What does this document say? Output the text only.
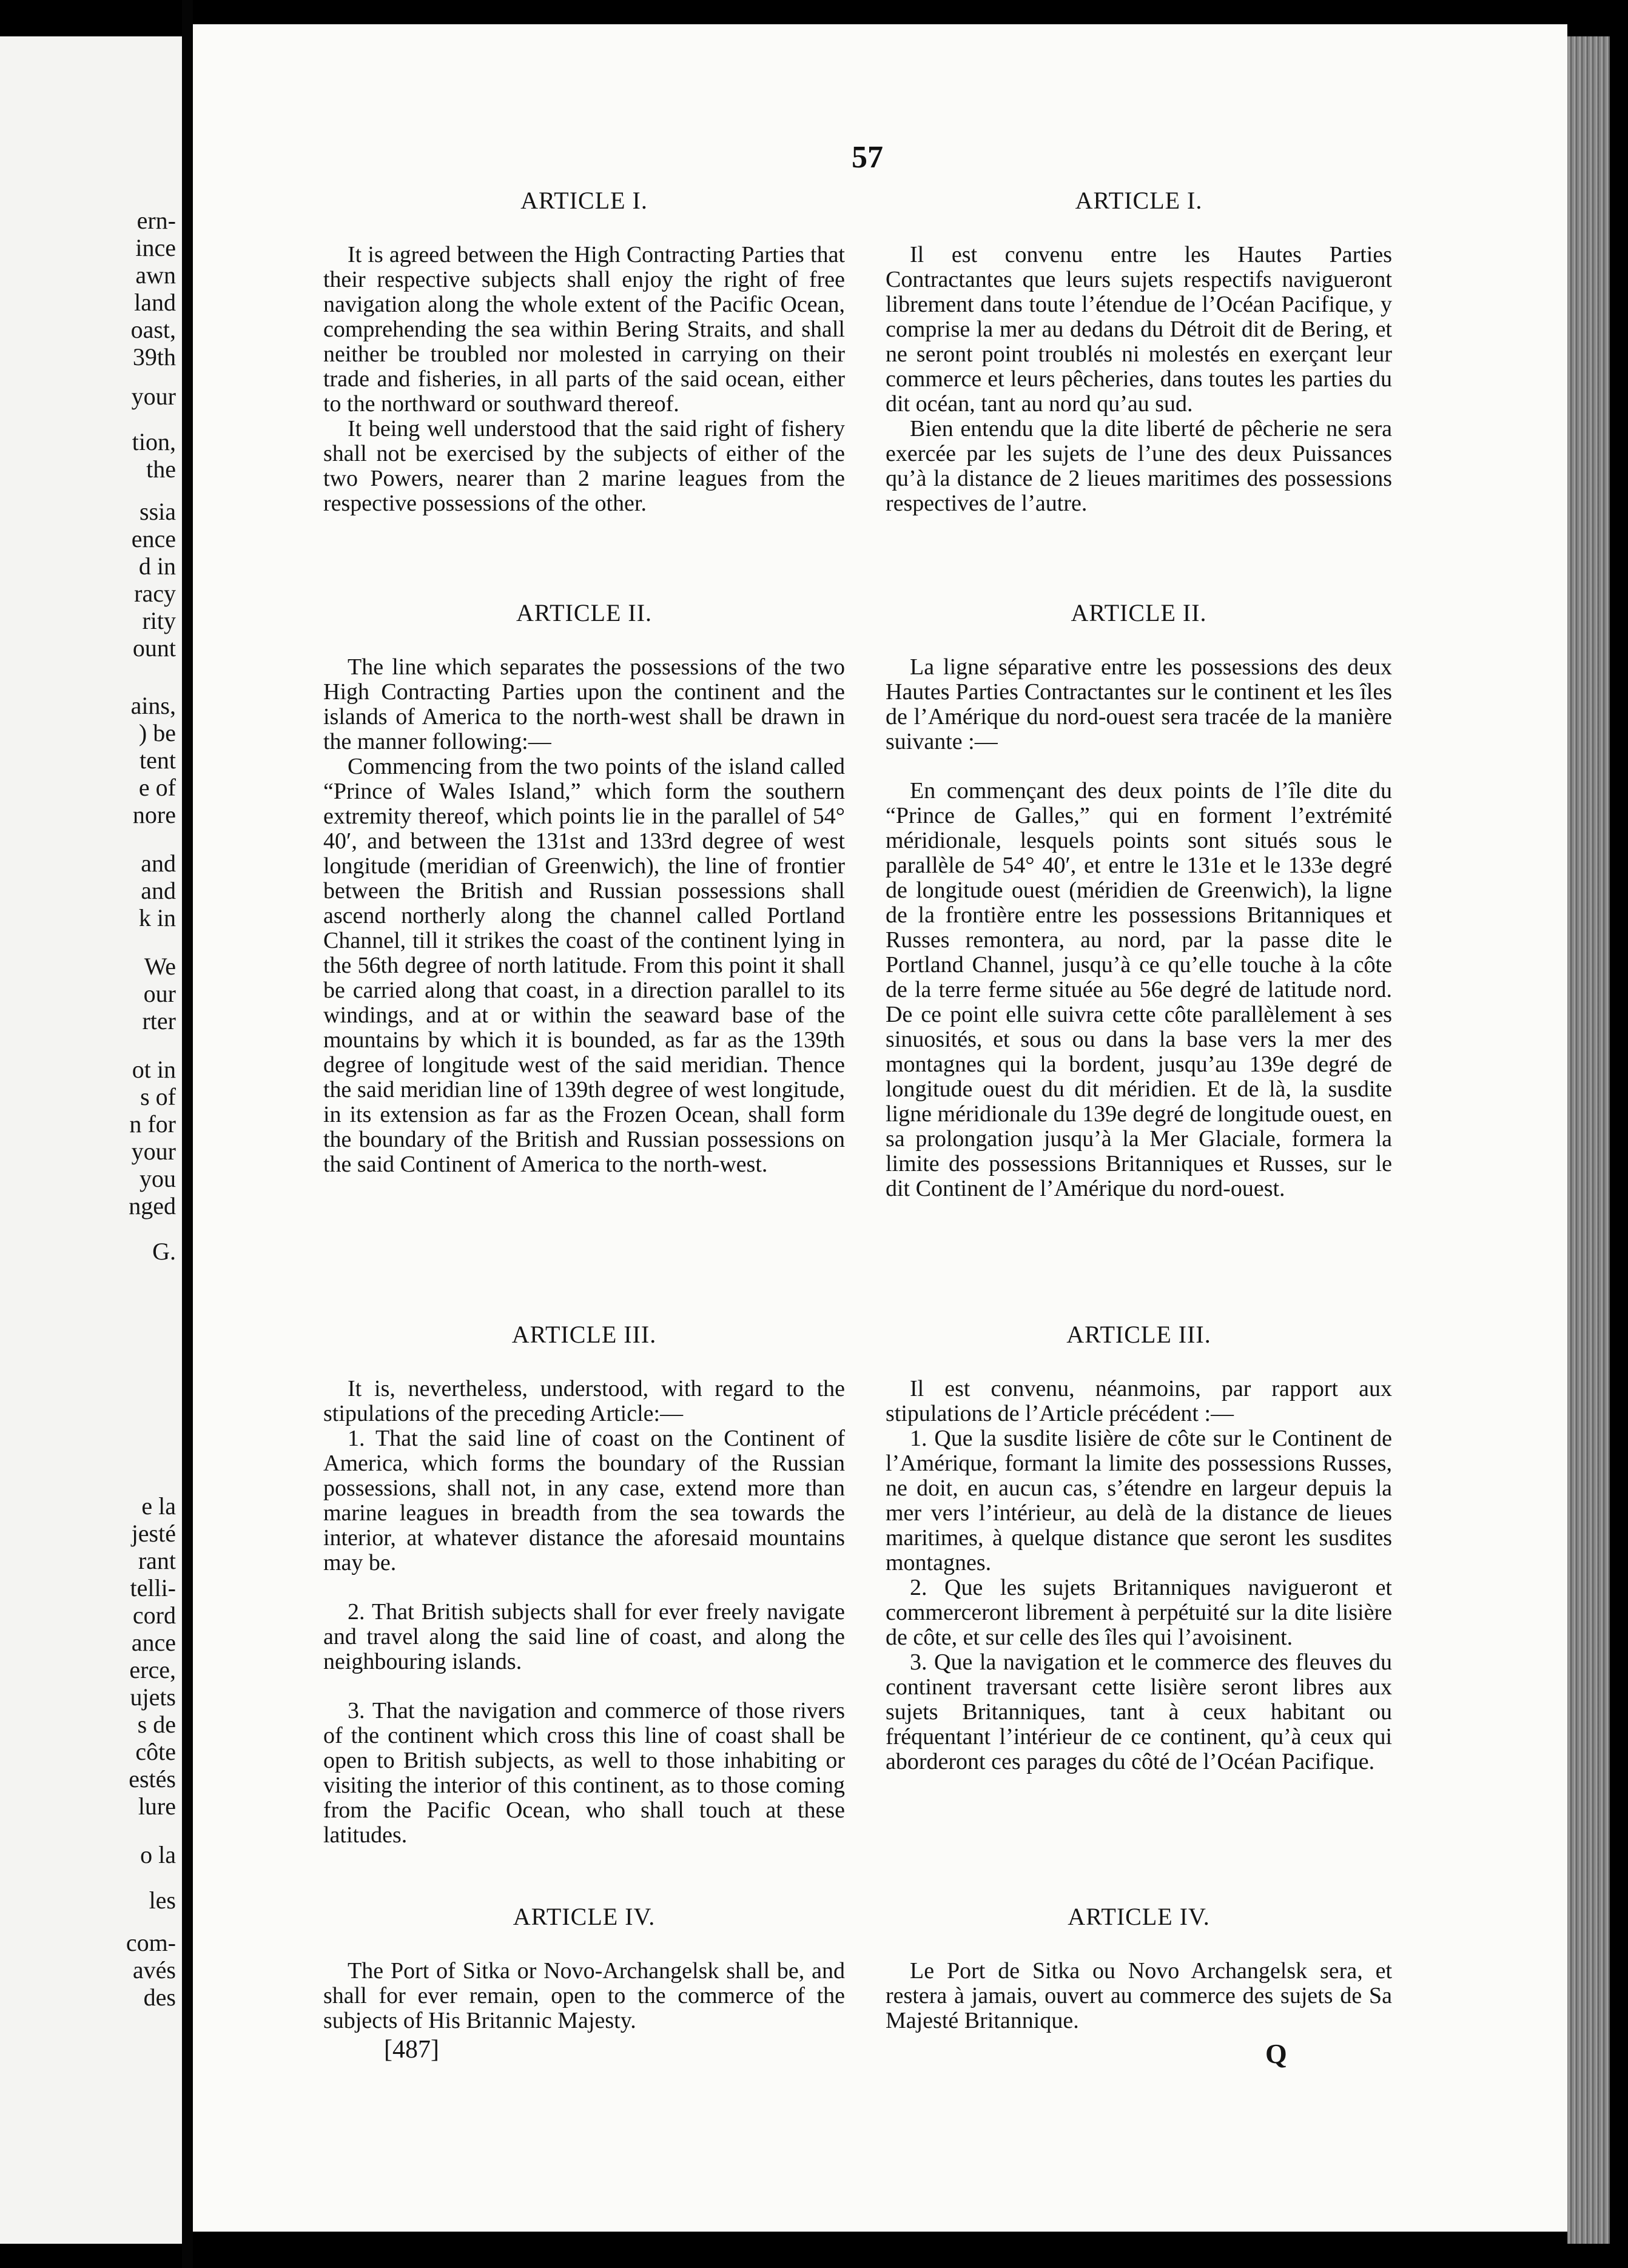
ern-
ince
awn
land
oast,
39th
your
tion,
the
ssia
ence
d in
racy
rity
ount
ains,
) be
tent
e of
nore
and
and
k in
We
our
rter
ot in
s of
n for
your
you
nged
G.
e la
jesté
rant
telli-
cord
ance
erce,
ujets
s de
côte
estés
lure
o la
les
com-
avés
des
57
ARTICLE I.

It is agreed between the High Contracting Parties that their respective subjects shall enjoy the right of free navigation along the whole extent of the Pacific Ocean, comprehending the sea within Bering Straits, and shall neither be troubled nor molested in carrying on their trade and fisheries, in all parts of the said ocean, either to the northward or southward thereof.

It being well understood that the said right of fishery shall not be exercised by the subjects of either of the two Powers, nearer than 2 marine leagues from the respective possessions of the other.

ARTICLE II.

The line which separates the possessions of the two High Contracting Parties upon the continent and the islands of America to the north-west shall be drawn in the manner following:—

Commencing from the two points of the island called “Prince of Wales Island,” which form the southern extremity thereof, which points lie in the parallel of 54° 40′, and between the 131st and 133rd degree of west longitude (meridian of Greenwich), the line of frontier between the British and Russian possessions shall ascend northerly along the channel called Portland Channel, till it strikes the coast of the continent lying in the 56th degree of north latitude. From this point it shall be carried along that coast, in a direction parallel to its windings, and at or within the seaward base of the mountains by which it is bounded, as far as the 139th degree of longitude west of the said meridian. Thence the said meridian line of 139th degree of west longitude, in its extension as far as the Frozen Ocean, shall form the boundary of the British and Russian possessions on the said Continent of America to the north-west.

ARTICLE III.

It is, nevertheless, understood, with regard to the stipulations of the preceding Article:—

1. That the said line of coast on the Continent of America, which forms the boundary of the Russian possessions, shall not, in any case, extend more than marine leagues in breadth from the sea towards the interior, at whatever distance the aforesaid mountains may be.

2. That British subjects shall for ever freely navigate and travel along the said line of coast, and along the neighbouring islands.

3. That the navigation and commerce of those rivers of the continent which cross this line of coast shall be open to British subjects, as well to those inhabiting or visiting the interior of this continent, as to those coming from the Pacific Ocean, who shall touch at these latitudes.

ARTICLE IV.

The Port of Sitka or Novo-Archangelsk shall be, and shall for ever remain, open to the commerce of the subjects of His Britannic Majesty.

ARTICLE I.

Il est convenu entre les Hautes Parties Contractantes que leurs sujets respectifs navigueront librement dans toute l’étendue de l’Océan Pacifique, y comprise la mer au dedans du Détroit dit de Bering, et ne seront point troublés ni molestés en exerçant leur commerce et leurs pêcheries, dans toutes les parties du dit océan, tant au nord qu’au sud.

Bien entendu que la dite liberté de pêcherie ne sera exercée par les sujets de l’une des deux Puissances qu’à la distance de 2 lieues maritimes des possessions respectives de l’autre.

ARTICLE II.

La ligne séparative entre les possessions des deux Hautes Parties Contractantes sur le continent et les îles de l’Amérique du nord-ouest sera tracée de la manière suivante :—

En commençant des deux points de l’île dite du “Prince de Galles,” qui en forment l’extrémité méridionale, lesquels points sont situés sous le parallèle de 54° 40′, et entre le 131e et le 133e degré de longitude ouest (méridien de Greenwich), la ligne de la frontière entre les possessions Britanniques et Russes remontera, au nord, par la passe dite le Portland Channel, jusqu’à ce qu’elle touche à la côte de la terre ferme située au 56e degré de latitude nord. De ce point elle suivra cette côte parallèlement à ses sinuosités, et sous ou dans la base vers la mer des montagnes qui la bordent, jusqu’au 139e degré de longitude ouest du dit méridien. Et de là, la susdite ligne méridionale du 139e degré de longitude ouest, en sa prolongation jusqu’à la Mer Glaciale, formera la limite des possessions Britanniques et Russes, sur le dit Continent de l’Amérique du nord-ouest.

ARTICLE III.

Il est convenu, néanmoins, par rapport aux stipulations de l’Article précédent :—

1. Que la susdite lisière de côte sur le Continent de l’Amérique, formant la limite des possessions Russes, ne doit, en aucun cas, s’étendre en largeur depuis la mer vers l’intérieur, au delà de la distance de lieues maritimes, à quelque distance que seront les susdites montagnes.

2. Que les sujets Britanniques navigueront et commerceront librement à perpétuité sur la dite lisière de côte, et sur celle des îles qui l’avoisinent.

3. Que la navigation et le commerce des fleuves du continent traversant cette lisière seront libres aux sujets Britanniques, tant à ceux habitant ou fréquentant l’intérieur de ce continent, qu’à ceux qui aborderont ces parages du côté de l’Océan Pacifique.

ARTICLE IV.

Le Port de Sitka ou Novo Archangelsk sera, et restera à jamais, ouvert au commerce des sujets de Sa Majesté Britannique.

[487]	Q
